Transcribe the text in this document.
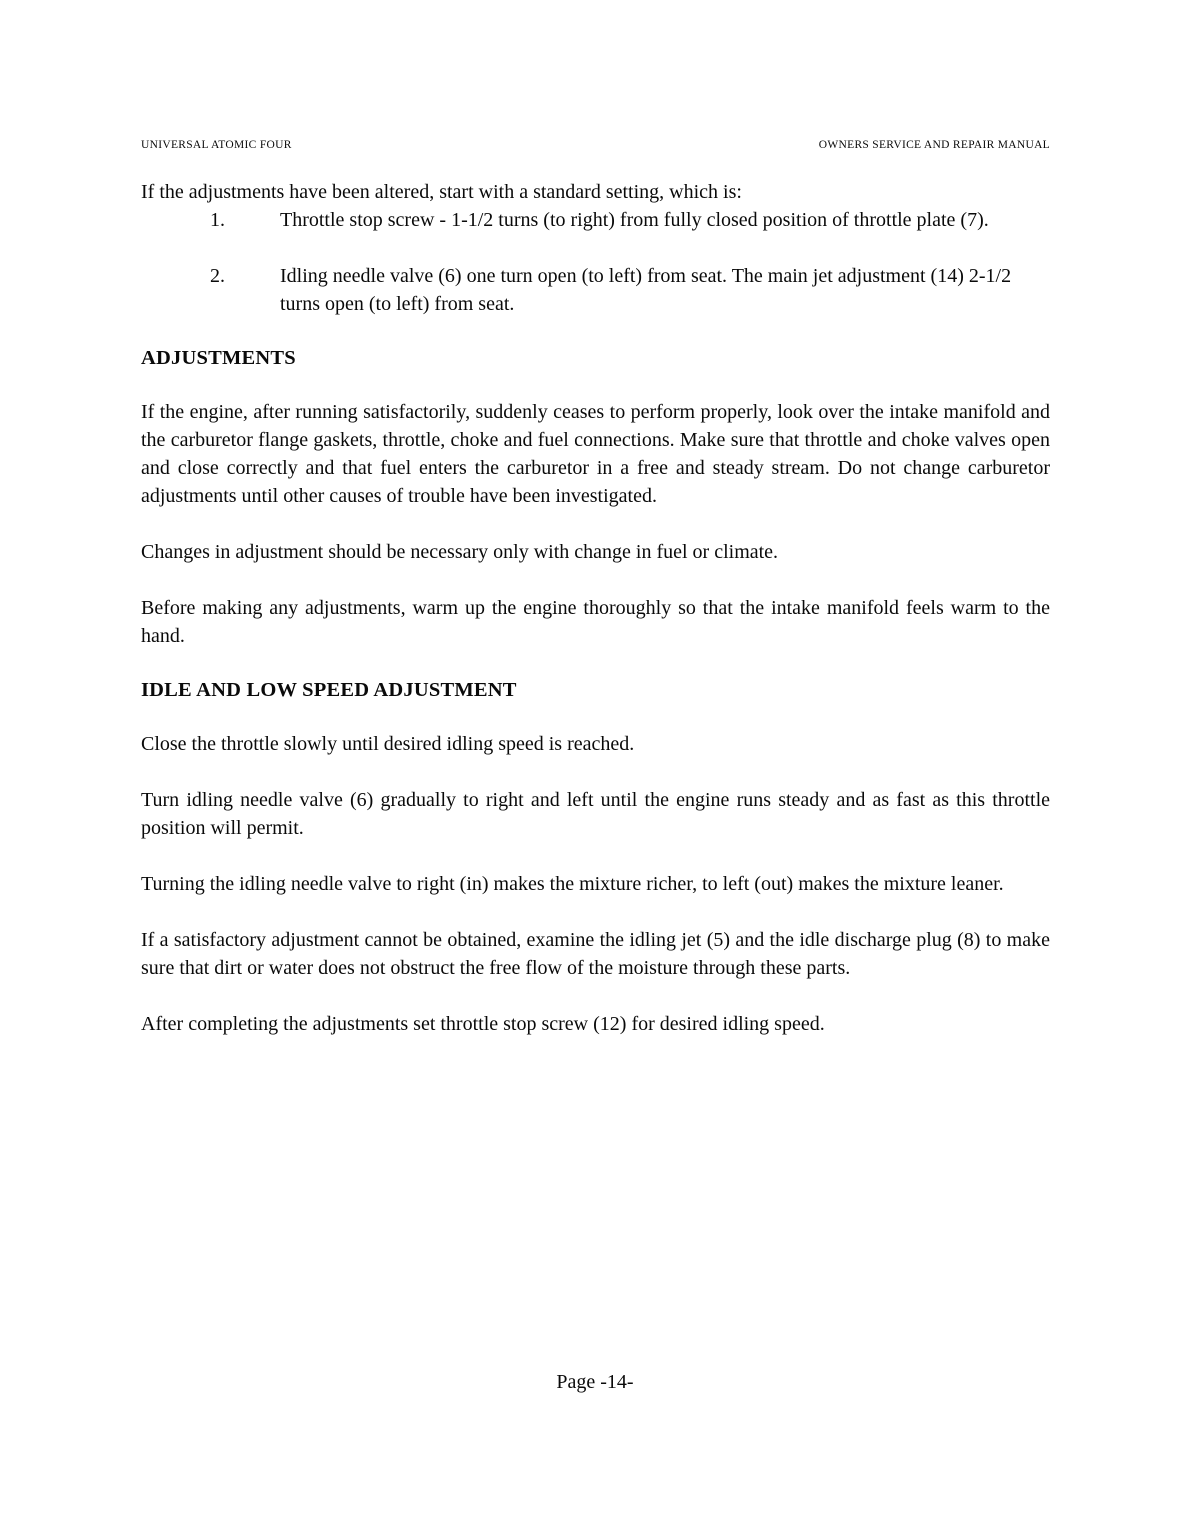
UNIVERSAL ATOMIC FOUR	OWNERS SERVICE AND REPAIR MANUAL

If the adjustments have been altered, start with a standard setting, which is:

1.	Throttle stop screw - 1-1/2 turns (to right) from fully closed position of throttle plate (7).
2.	Idling needle valve (6) one turn open (to left) from seat. The main jet adjustment (14) 2-1/2 turns open (to left) from seat.
ADJUSTMENTS

If the engine, after running satisfactorily, suddenly ceases to perform properly, look over the intake manifold and the carburetor flange gaskets, throttle, choke and fuel connections. Make sure that throttle and choke valves open and close correctly and that fuel enters the carburetor in a free and steady stream. Do not change carburetor adjustments until other causes of trouble have been investigated.

Changes in adjustment should be necessary only with change in fuel or climate.

Before making any adjustments, warm up the engine thoroughly so that the intake manifold feels warm to the hand.

IDLE AND LOW SPEED ADJUSTMENT

Close the throttle slowly until desired idling speed is reached.

Turn idling needle valve (6) gradually to right and left until the engine runs steady and as fast as this throttle position will permit.

Turning the idling needle valve to right (in) makes the mixture richer, to left (out) makes the mixture leaner.

If a satisfactory adjustment cannot be obtained, examine the idling jet (5) and the idle discharge plug (8) to make sure that dirt or water does not obstruct the free flow of the moisture through these parts.

After completing the adjustments set throttle stop screw (12) for desired idling speed.

Page -14-
